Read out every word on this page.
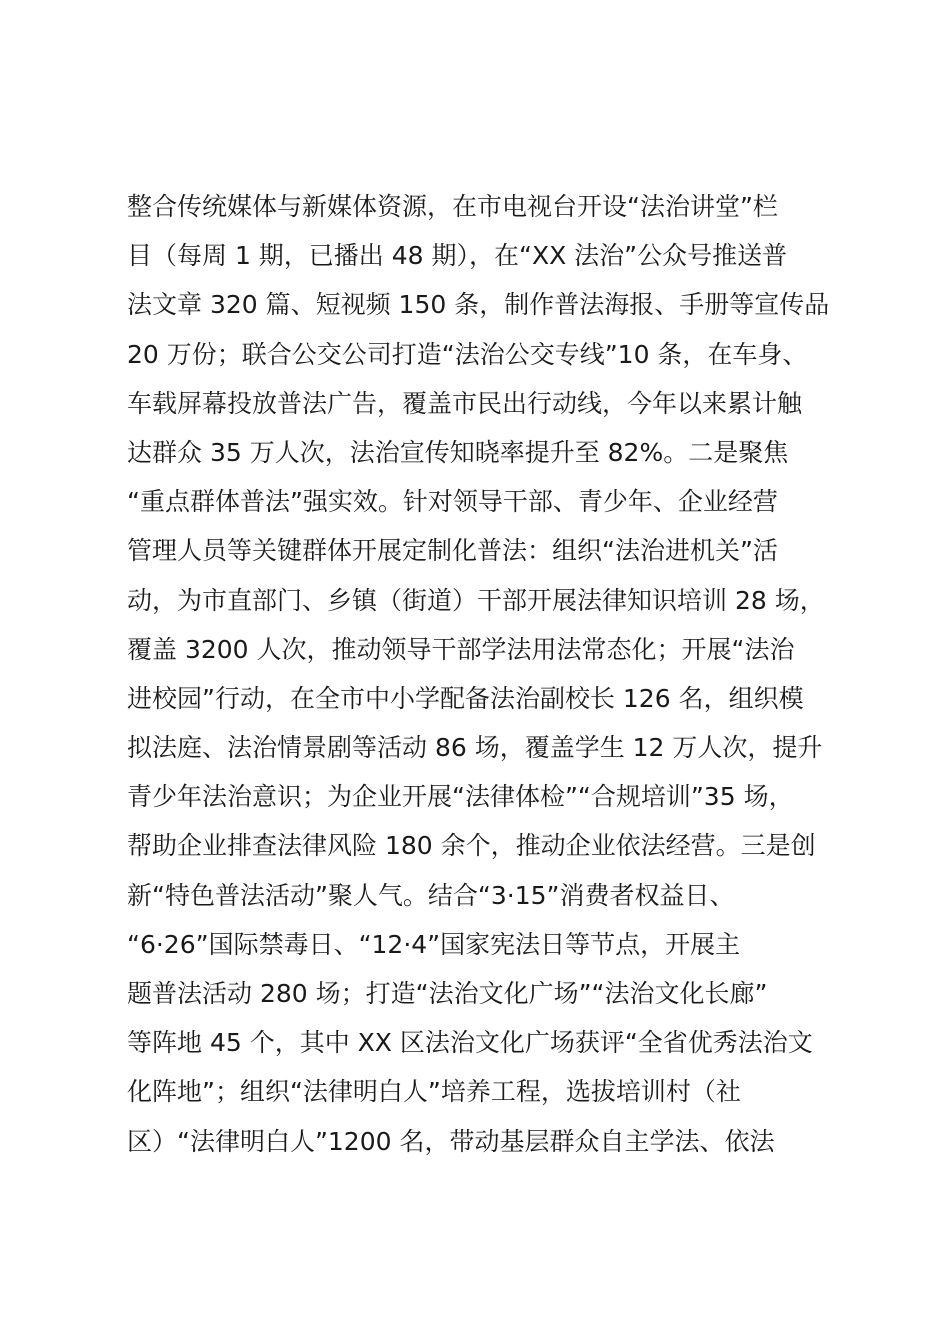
整合传统媒体与新媒体资源，在市电视台开设“法治讲堂”栏
目（每周 1 期，已播出 48 期），在“XX 法治”公众号推送普
法文章 320 篇、短视频 150 条，制作普法海报、手册等宣传品
20 万份；联合公交公司打造“法治公交专线”10 条，在车身、
车载屏幕投放普法广告，覆盖市民出行动线，今年以来累计触
达群众 35 万人次，法治宣传知晓率提升至 82%。二是聚焦
“重点群体普法”强实效。针对领导干部、青少年、企业经营
管理人员等关键群体开展定制化普法：组织“法治进机关”活
动，为市直部门、乡镇（街道）干部开展法律知识培训 28 场，
覆盖 3200 人次，推动领导干部学法用法常态化；开展“法治
进校园”行动，在全市中小学配备法治副校长 126 名，组织模
拟法庭、法治情景剧等活动 86 场，覆盖学生 12 万人次，提升
青少年法治意识；为企业开展“法律体检”“合规培训”35 场，
帮助企业排查法律风险 180 余个，推动企业依法经营。三是创
新“特色普法活动”聚人气。结合“3·15”消费者权益日、
“6·26”国际禁毒日、“12·4”国家宪法日等节点，开展主
题普法活动 280 场；打造“法治文化广场”“法治文化长廊”
等阵地 45 个，其中 XX 区法治文化广场获评“全省优秀法治文
化阵地”；组织“法律明白人”培养工程，选拔培训村（社
区）“法律明白人”1200 名，带动基层群众自主学法、依法
